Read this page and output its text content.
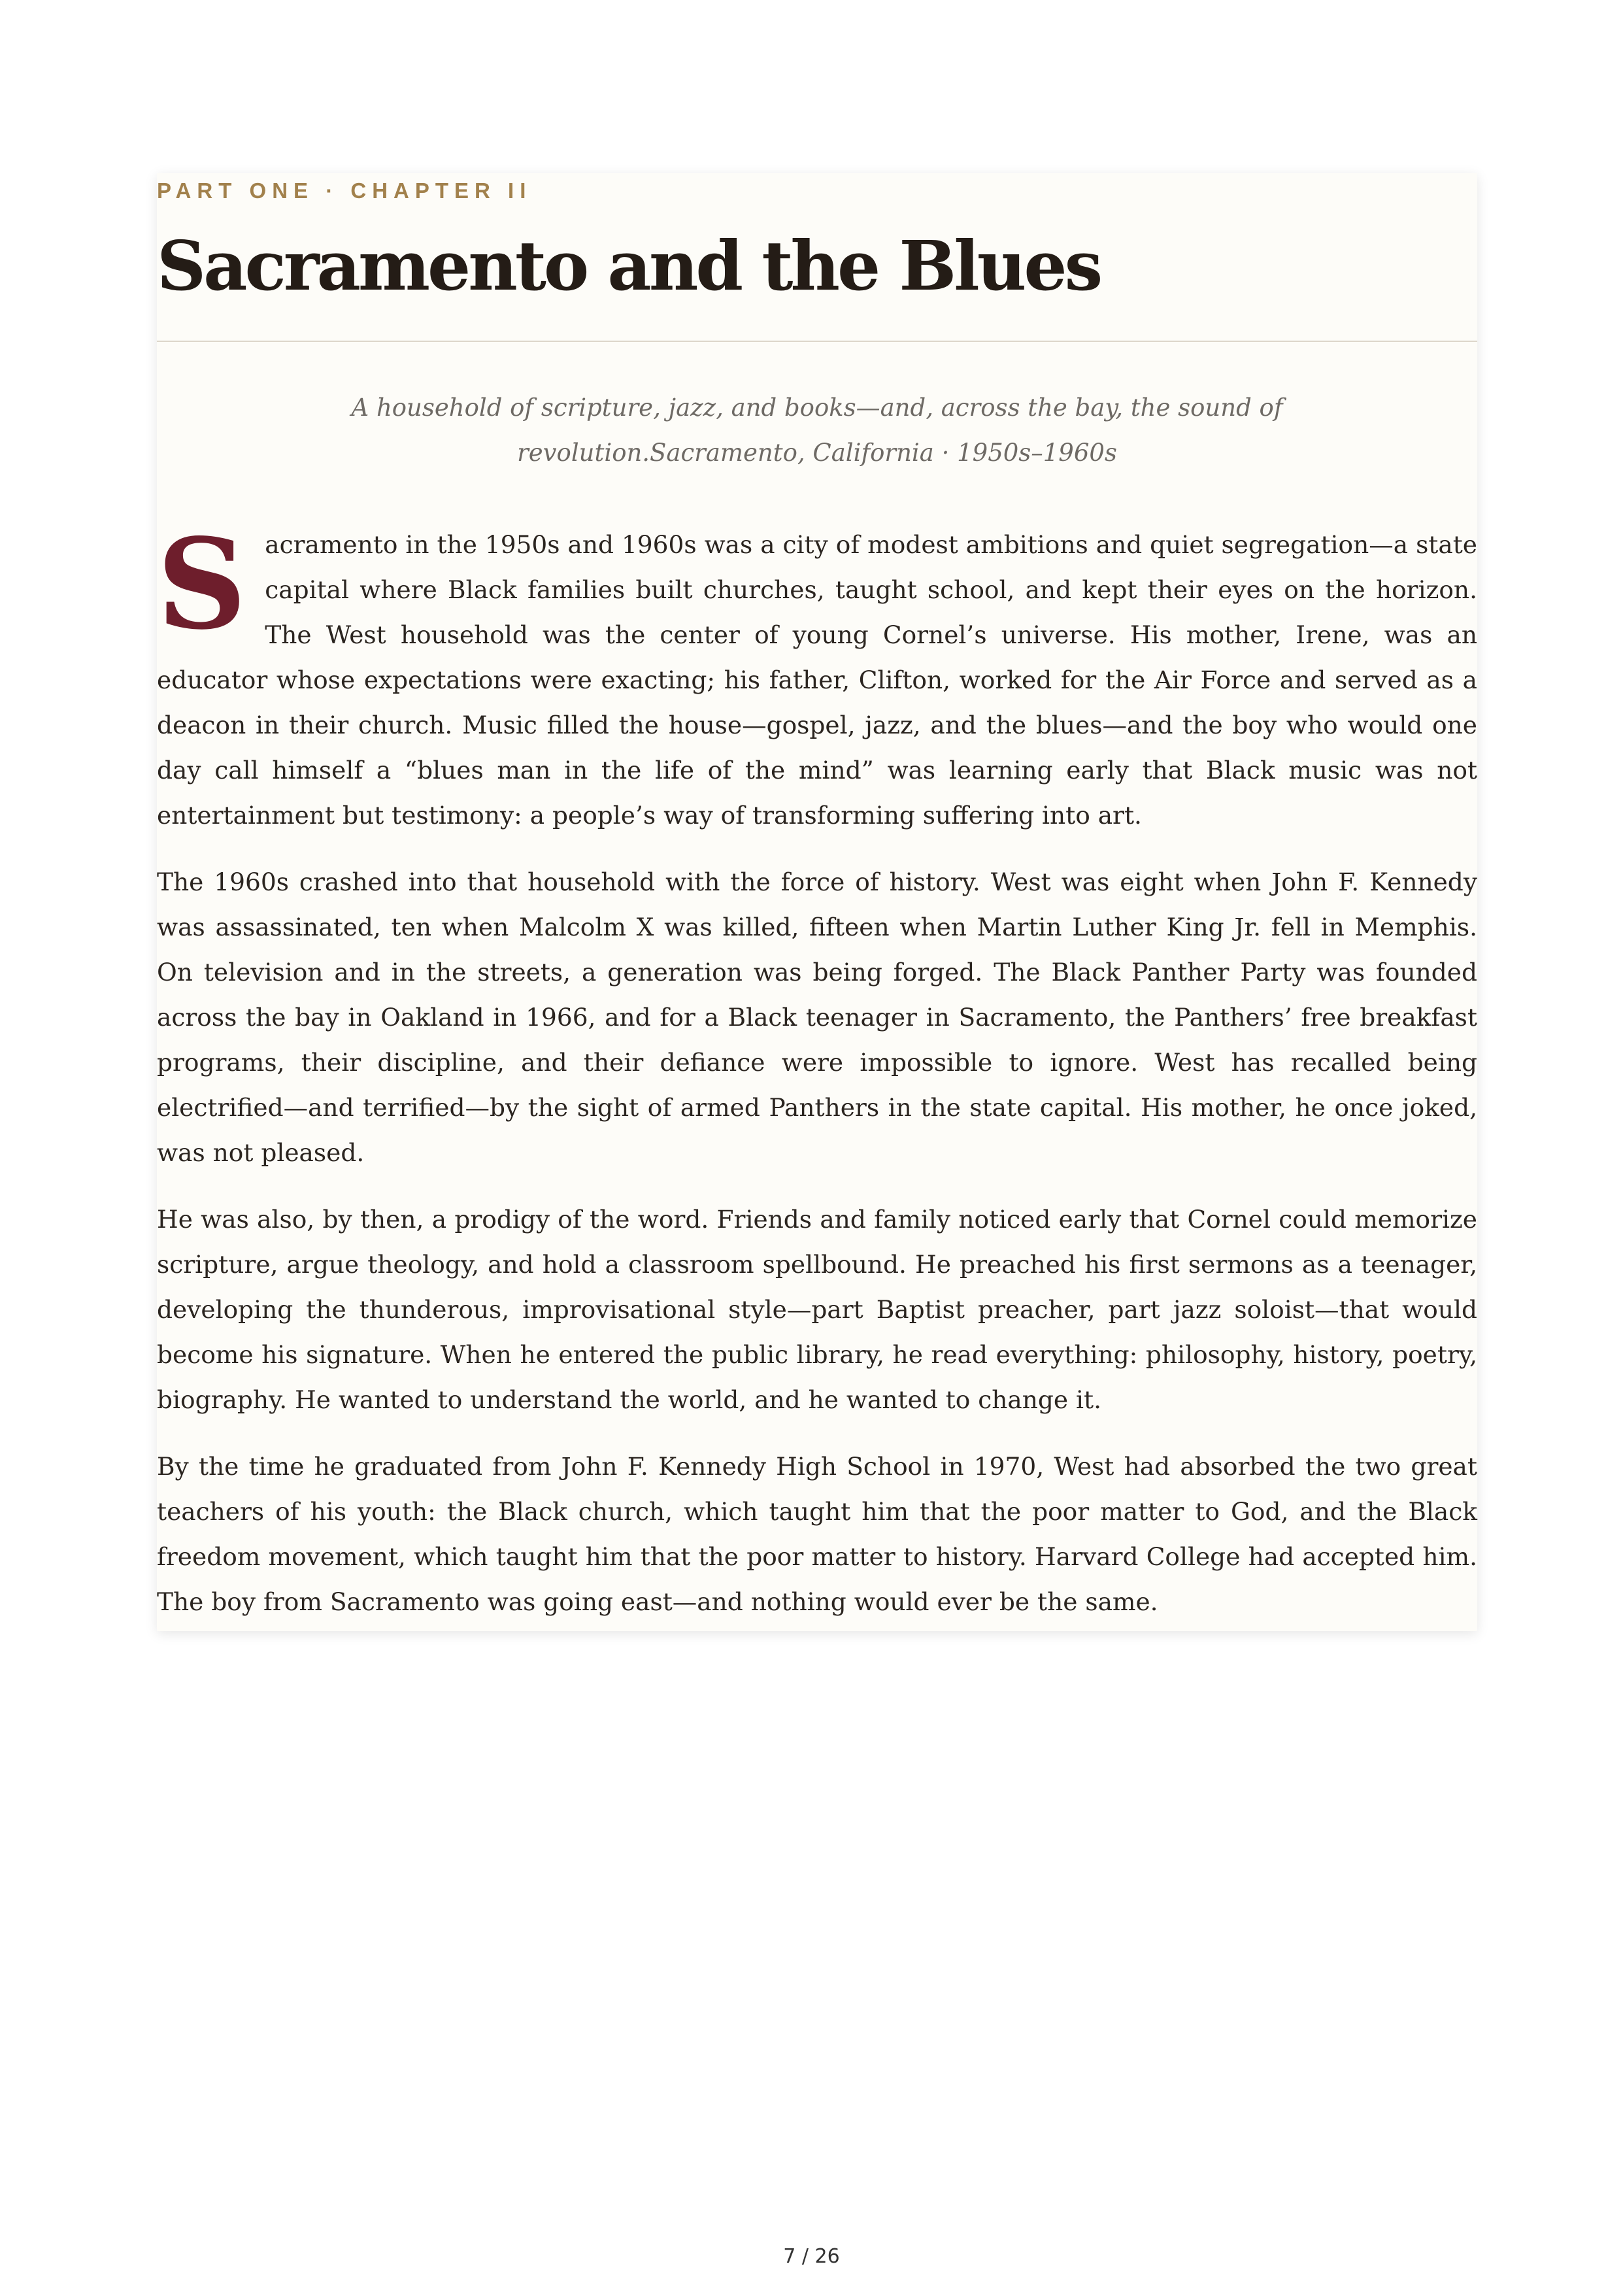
PART ONE · CHAPTER II
Sacramento and the Blues
A household of scripture, jazz, and books—and, across the bay, the sound of revolution.Sacramento, California · 1950s–1960s

Sacramento in the 1950s and 1960s was a city of modest ambitions and quiet segregation—a state capital where Black families built churches, taught school, and kept their eyes on the horizon. The West household was the center of young Cornel’s universe. His mother, Irene, was an educator whose expectations were exacting; his father, Clifton, worked for the Air Force and served as a deacon in their church. Music filled the house—gospel, jazz, and the blues—and the boy who would one day call himself a “blues man in the life of the mind” was learning early that Black music was not entertainment but testimony: a people’s way of transforming suffering into art.

The 1960s crashed into that household with the force of history. West was eight when John F. Kennedy was assassinated, ten when Malcolm X was killed, fifteen when Martin Luther King Jr. fell in Memphis. On television and in the streets, a generation was being forged. The Black Panther Party was founded across the bay in Oakland in 1966, and for a Black teenager in Sacramento, the Panthers’ free breakfast programs, their discipline, and their defiance were impossible to ignore. West has recalled being electrified—and terrified—by the sight of armed Panthers in the state capital. His mother, he once joked, was not pleased.

He was also, by then, a prodigy of the word. Friends and family noticed early that Cornel could memorize scripture, argue theology, and hold a classroom spellbound. He preached his first sermons as a teenager, developing the thunderous, improvisational style—part Baptist preacher, part jazz soloist—that would become his signature. When he entered the public library, he read everything: philosophy, history, poetry, biography. He wanted to understand the world, and he wanted to change it.

By the time he graduated from John F. Kennedy High School in 1970, West had absorbed the two great teachers of his youth: the Black church, which taught him that the poor matter to God, and the Black freedom movement, which taught him that the poor matter to history. Harvard College had accepted him. The boy from Sacramento was going east—and nothing would ever be the same.

7 / 26
